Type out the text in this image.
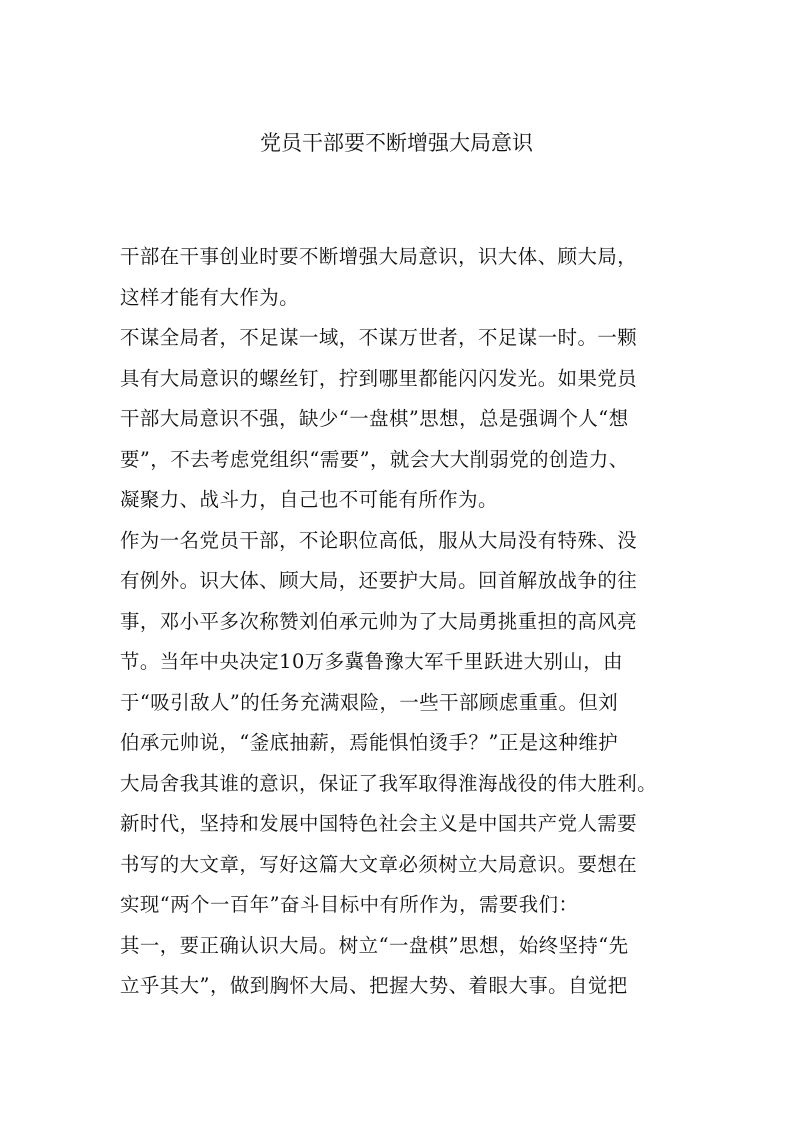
党员干部要不断增强大局意识

干部在干事创业时要不断增强大局意识，识大体、顾大局，
这样才能有大作为。

不谋全局者，不足谋一域，不谋万世者，不足谋一时。一颗
具有大局意识的螺丝钉，拧到哪里都能闪闪发光。如果党员
干部大局意识不强，缺少“一盘棋”思想，总是强调个人“想
要”，不去考虑党组织“需要”，就会大大削弱党的创造力、
凝聚力、战斗力，自己也不可能有所作为。

作为一名党员干部，不论职位高低，服从大局没有特殊、没
有例外。识大体、顾大局，还要护大局。回首解放战争的往
事，邓小平多次称赞刘伯承元帅为了大局勇挑重担的高风亮
节。当年中央决定10万多冀鲁豫大军千里跃进大别山，由
于“吸引敌人”的任务充满艰险，一些干部顾虑重重。但刘
伯承元帅说，“釜底抽薪，焉能惧怕烫手？”正是这种维护
大局舍我其谁的意识，保证了我军取得淮海战役的伟大胜利。

新时代，坚持和发展中国特色社会主义是中国共产党人需要
书写的大文章，写好这篇大文章必须树立大局意识。要想在
实现“两个一百年”奋斗目标中有所作为，需要我们：

其一，要正确认识大局。树立“一盘棋”思想，始终坚持“先
立乎其大”，做到胸怀大局、把握大势、着眼大事。自觉把
